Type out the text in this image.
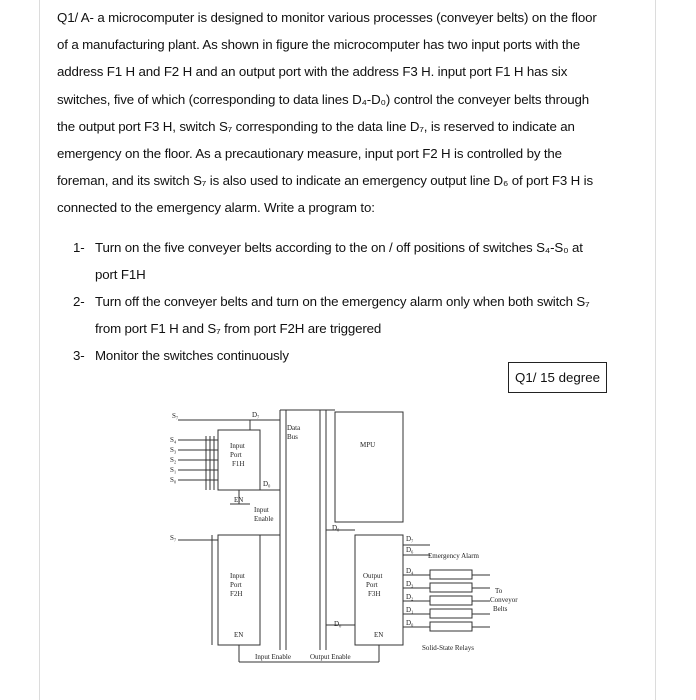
Q1/ A- a microcomputer is designed to monitor various processes (conveyer belts) on the floor
of a manufacturing plant. As shown in figure the microcomputer has two input ports with the
address F1 H and F2 H and an output port with the address F3 H. input port F1 H has six
switches, five of which (corresponding to data lines D₄-D₀) control the conveyer belts through
the output port F3 H, switch S₇ corresponding to the data line D₇, is reserved to indicate an
emergency on the floor. As a precautionary measure, input port F2 H is controlled by the
foreman, and its switch S₇ is also used to indicate an emergency output line D₆ of port F3 H is
connected to the emergency alarm. Write a program to:
1- Turn on the five conveyer belts according to the on / off positions of switches S₄-S₀ at
port F1H
2- Turn off the conveyer belts and turn on the emergency alarm only when both switch S₇
from port F1 H and S₇ from port F2H are triggered
3- Monitor the switches continuously
Q1/ 15 degree
S₇
S₄
S₃
S₂
S₁
S₀
S₇
Input
Port
F1H
Data
Bus
MPU
D₇
D₀
EN
Input
Enable
Input
Port
F2H
EN
Output
Port
F3H
EN
D₀
D₀
D₇
D₆
Emergency Alarm
D₄
D₃
D₂
D₁
D₀
To
Conveyor
Belts
Solid-State Relays
Input Enable	Output Enable
